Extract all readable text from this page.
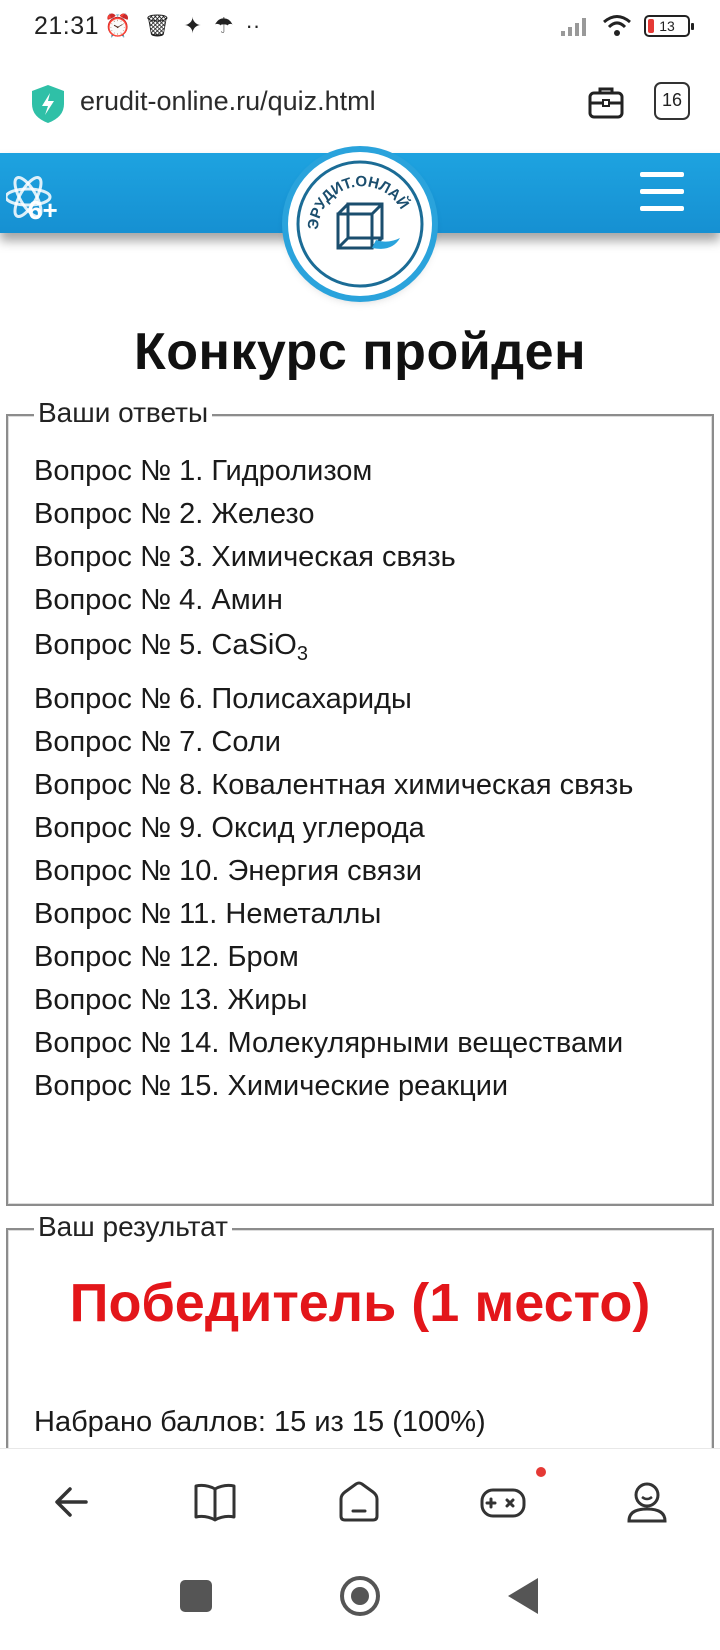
21:31 ⏰ 🗑 ✦ ☂ ··	13
erudit-online.ru/quiz.html	16
6+	ЭРУДИТ.ОНЛАЙ
Конкурс пройден
Ваши ответы
Вопрос № 1. Гидролизом
Вопрос № 2. Железо
Вопрос № 3. Химическая связь
Вопрос № 4. Амин
Вопрос № 5. CaSiO$_3$
Вопрос № 6. Полисахариды
Вопрос № 7. Соли
Вопрос № 8. Ковалентная химическая связь
Вопрос № 9. Оксид углерода
Вопрос № 10. Энергия связи
Вопрос № 11. Неметаллы
Вопрос № 12. Бром
Вопрос № 13. Жиры
Вопрос № 14. Молекулярными веществами
Вопрос № 15. Химические реакции
Ваш результат
Победитель (1 место)
Набрано баллов: 15 из 15 (100%)
